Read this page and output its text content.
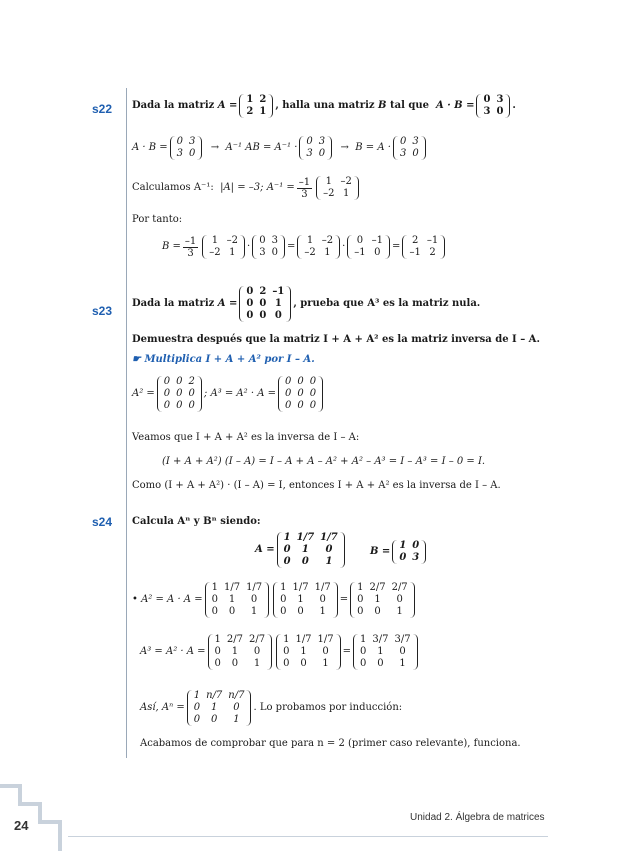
s22 Dada la matriz
A =
1	2
2	1
, halla una matriz
B
tal que
A · B =
0	3
3	0
.
A · B =
0	3
3	0

→
A⁻¹ AB = A⁻¹ ·
0	3
3	0

→
B = A ·
0	3
3	0
Calculamos A⁻¹:
|A| = –3;
$A^{-1} = \frac{-1}{3} 1$	–2
–2	1
Por tanto:
$B = \frac{-1}{3} 1$	–2
–2	1
·
0	3
3	0
=
1	–2
–2	1
·
0	–1
–1	0
=
2	–1
–1	2
s23
Dada la matriz
A =
0	2	–1
0	0	1
0	0	0
, prueba que A³ es la matriz nula.
Demuestra después que la matriz I + A + A² es la matriz inversa de I – A.
☛ Multiplica I + A + A² por I – A.
A² =
0	0	2
0	0	0
0	0	0
; A³ = A² · A =
0	0	0
0	0	0
0	0	0
Veamos que I + A + A² es la inversa de I – A:
(I + A + A²) (I – A) = I – A + A – A² + A² – A³ = I – A³ = I – 0 = I.
Como (I + A + A²) · (I – A) = I, entonces I + A + A² es la inversa de I – A.
s24 Calcula Aⁿ y Bⁿ siendo:
A =
1	1/7	1/7
0	1	0
0	0	1
B =
1	0
0	3
• A² = A · A =
1	1/7	1/7
0	1	0
0	0	1
1	1/7	1/7
0	1	0
0	0	1
=
1	2/7	2/7
0	1	0
0	0	1
A³ = A² · A =
1	2/7	2/7
0	1	0
0	0	1
1	1/7	1/7
0	1	0
0	0	1
=
1	3/7	3/7
0	1	0
0	0	1
Así, Aⁿ =
1	n/7	n/7
0	1	0
0	0	1
. Lo probamos por inducción:
Acabamos de comprobar que para n = 2 (primer caso relevante), funciona.
24
Unidad 2. Álgebra de matrices
